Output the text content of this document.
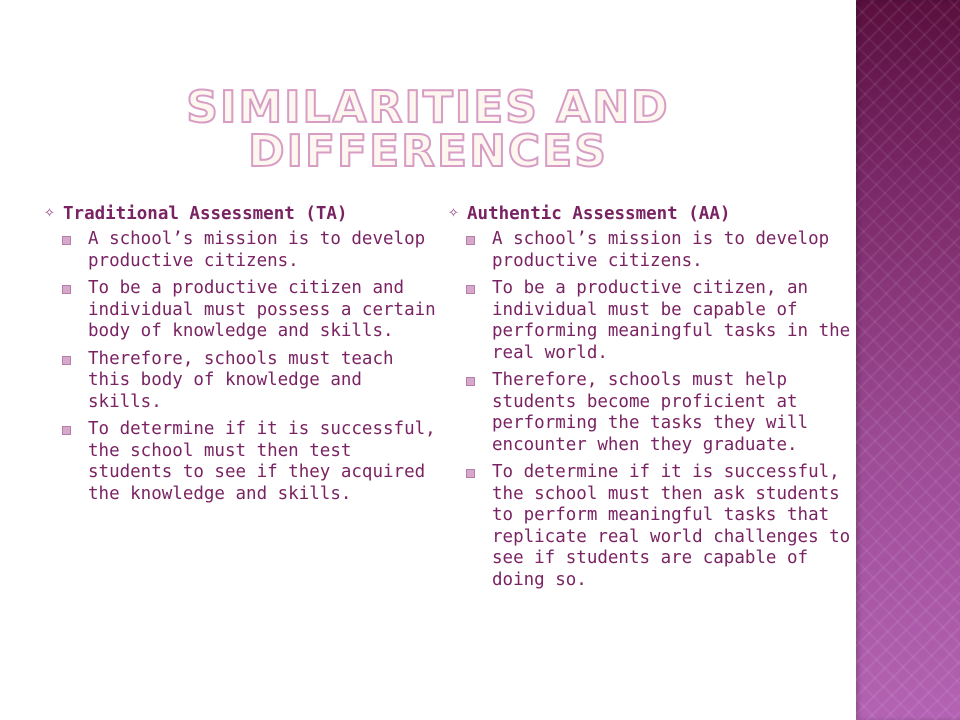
SIMILARITIES AND DIFFERENCES
✧ Traditional Assessment (TA)
A school’s mission is to develop productive citizens.
To be a productive citizen and individual must possess a certain body of knowledge and skills.
Therefore, schools must teach this body of knowledge and skills.
To determine if it is successful, the school must then test students to see if they acquired the knowledge and skills.
✧ Authentic Assessment (AA)
A school’s mission is to develop productive citizens.
To be a productive citizen, an individual must be capable of performing meaningful tasks in the real world.
Therefore, schools must help students become proficient at performing the tasks they will encounter when they graduate.
To determine if it is successful, the school must then ask students to perform meaningful tasks that replicate real world challenges to see if students are capable of doing so.
